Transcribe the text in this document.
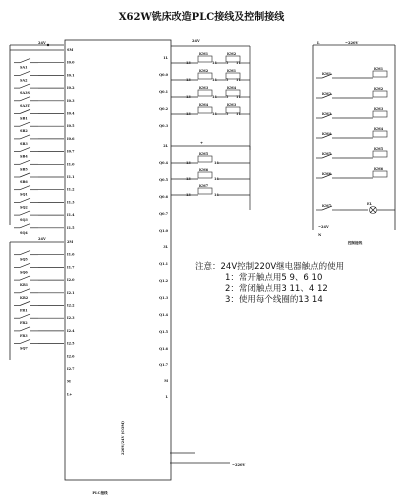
X62W铣床改造PLC接线及控制接线
24V
SM
I0.0
SA1
I0.1
SA2
I0.2
SA3S
I0.3
SA3T
I0.4
SB1
I0.5
SB2
I0.6
SB3
I0.7
SB4
I1.0
SB5
I1.1
SB6
I1.2
SQ1
I1.3
SQ2
I1.4
SQ3
I1.5
SQ4
24V
2M
I1.6
SQ5
I1.7
SQ6
I2.0
KR1
I2.1
KR2
I2.2
FR1
I2.3
FR2
I2.4
FR3
I2.5
SQ7
I2.6
I2.7
M
L+
1L
Q0.0
Q0.1
Q0.2
Q0.3
2L
Q0.4
Q0.5
Q0.6
Q0.7
Q1.0
3L
Q1.1
Q1.2
Q1.3
Q1.4
Q1.5
Q1.6
Q1.7
M
L
24V
KM1
13	14
KM2
5 11
KM2
13	14
KM1
5 11
KM3
13	14
KM4
5 11
KM4
13	14
KM3
5 11
+
KM5
13	14
KM6
13	14
KM7
13	14
220V/24V (COM)
PLC接线
~220V
L	~220V
KM1
KM1
KM2
KM2
KM3
KM3
KM4
KM4
KM5
KM5
KM6
KM6
KM7	EL
~24V
N
控制接线
注意：24V控制220V继电器触点的使用
1：常开触点用5 9、6 10
2：常闭触点用3 11、4 12
3：使用每个线圈的13 14
